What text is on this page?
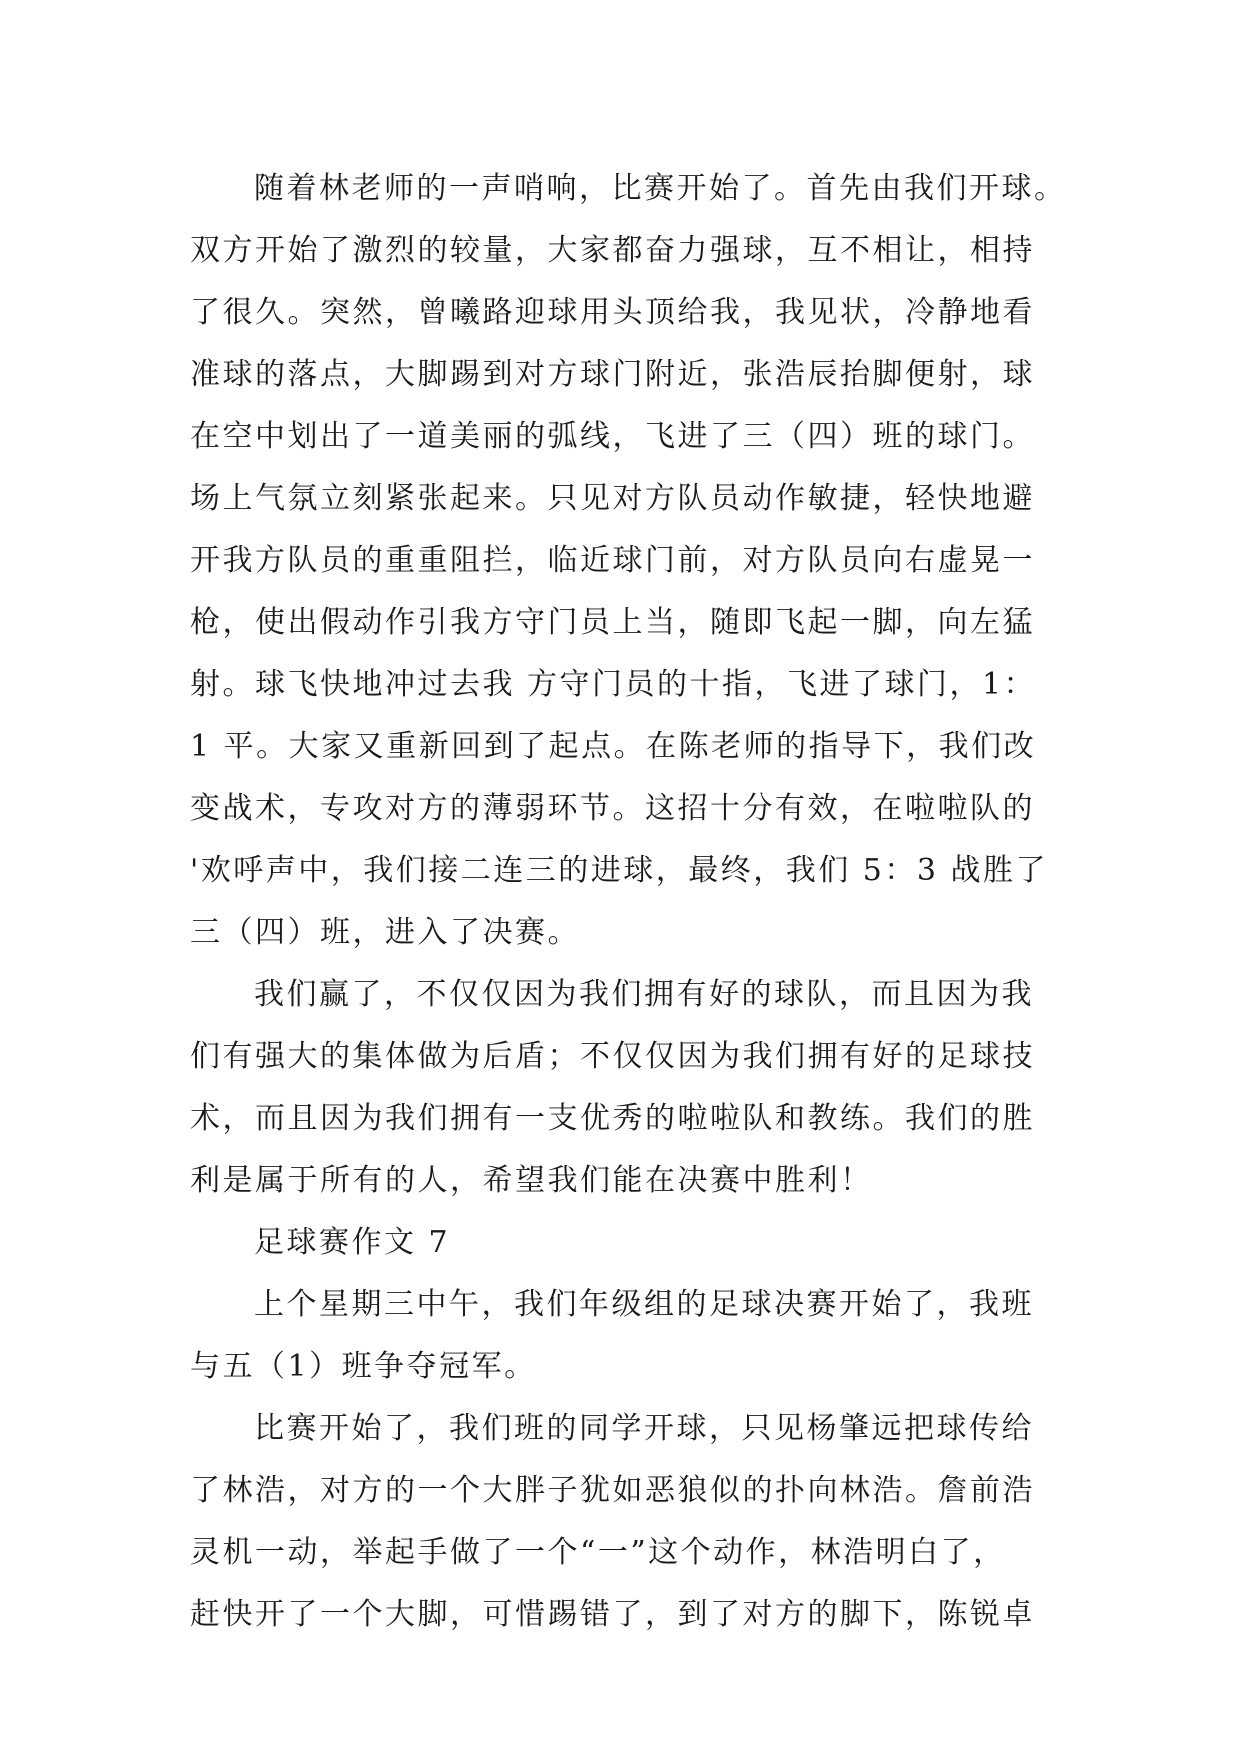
随着林老师的一声哨响，比赛开始了。首先由我们开球。
双方开始了激烈的较量，大家都奋力强球，互不相让，相持
了很久。突然，曾曦路迎球用头顶给我，我见状，冷静地看
准球的落点，大脚踢到对方球门附近，张浩辰抬脚便射，球
在空中划出了一道美丽的弧线，飞进了三（四）班的球门。
场上气氛立刻紧张起来。只见对方队员动作敏捷，轻快地避
开我方队员的重重阻拦，临近球门前，对方队员向右虚晃一
枪，使出假动作引我方守门员上当，随即飞起一脚，向左猛
射。球飞快地冲过去我 方守门员的十指，飞进了球门，1：
1 平。大家又重新回到了起点。在陈老师的指导下，我们改
变战术，专攻对方的薄弱环节。这招十分有效，在啦啦队的
'欢呼声中，我们接二连三的进球，最终，我们 5：3 战胜了
三（四）班，进入了决赛。
我们赢了，不仅仅因为我们拥有好的球队，而且因为我
们有强大的集体做为后盾；不仅仅因为我们拥有好的足球技
术，而且因为我们拥有一支优秀的啦啦队和教练。我们的胜
利是属于所有的人，希望我们能在决赛中胜利！
足球赛作文 7
上个星期三中午，我们年级组的足球决赛开始了，我班
与五（1）班争夺冠军。
比赛开始了，我们班的同学开球，只见杨肇远把球传给
了林浩，对方的一个大胖子犹如恶狼似的扑向林浩。詹前浩
灵机一动，举起手做了一个“一”这个动作，林浩明白了，
赶快开了一个大脚，可惜踢错了，到了对方的脚下，陈锐卓
